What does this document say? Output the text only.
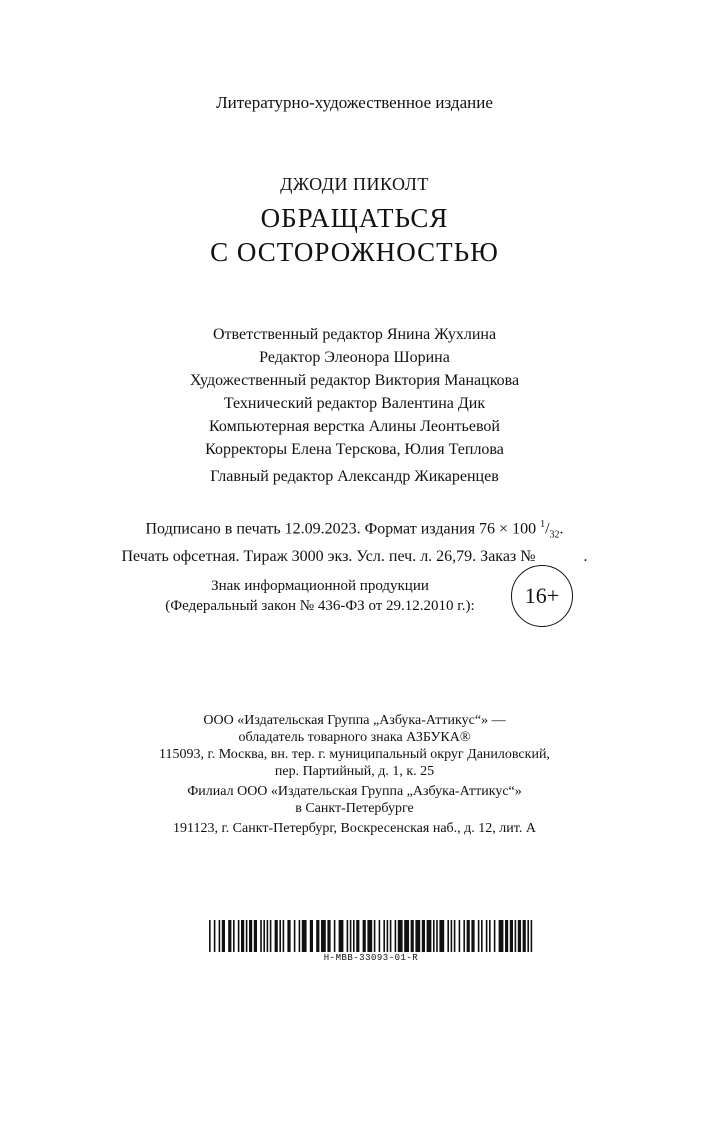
Литературно-художественное издание
ДЖОДИ ПИКОЛТ
ОБРАЩАТЬСЯ
С ОСТОРОЖНОСТЬЮ
Ответственный редактор Янина Жухлина
Редактор Элеонора Шорина
Художественный редактор Виктория Манацкова
Технический редактор Валентина Дик
Компьютерная верстка Алины Леонтьевой
Корректоры Елена Терскова, Юлия Теплова
Главный редактор Александр Жикаренцев
Подписано в печать 12.09.2023. Формат издания 76 × 100 $^1/_{32}$.
Печать офсетная. Тираж 3000 экз. Усл. печ. л. 26,79. Заказ №	.
Знак информационной продукции
(Федеральный закон № 436-ФЗ от 29.12.2010 г.):	16+
ООО «Издательская Группа „Азбука-Аттикус“» —
обладатель товарного знака АЗБУКА®
115093, г. Москва, вн. тер. г. муниципальный округ Даниловский,
пер. Партийный, д. 1, к. 25
Филиал ООО «Издательская Группа „Азбука-Аттикус“»
в Санкт-Петербурге
191123, г. Санкт-Петербург, Воскресенская наб., д. 12, лит. А
H-MBB-33093-01-R
